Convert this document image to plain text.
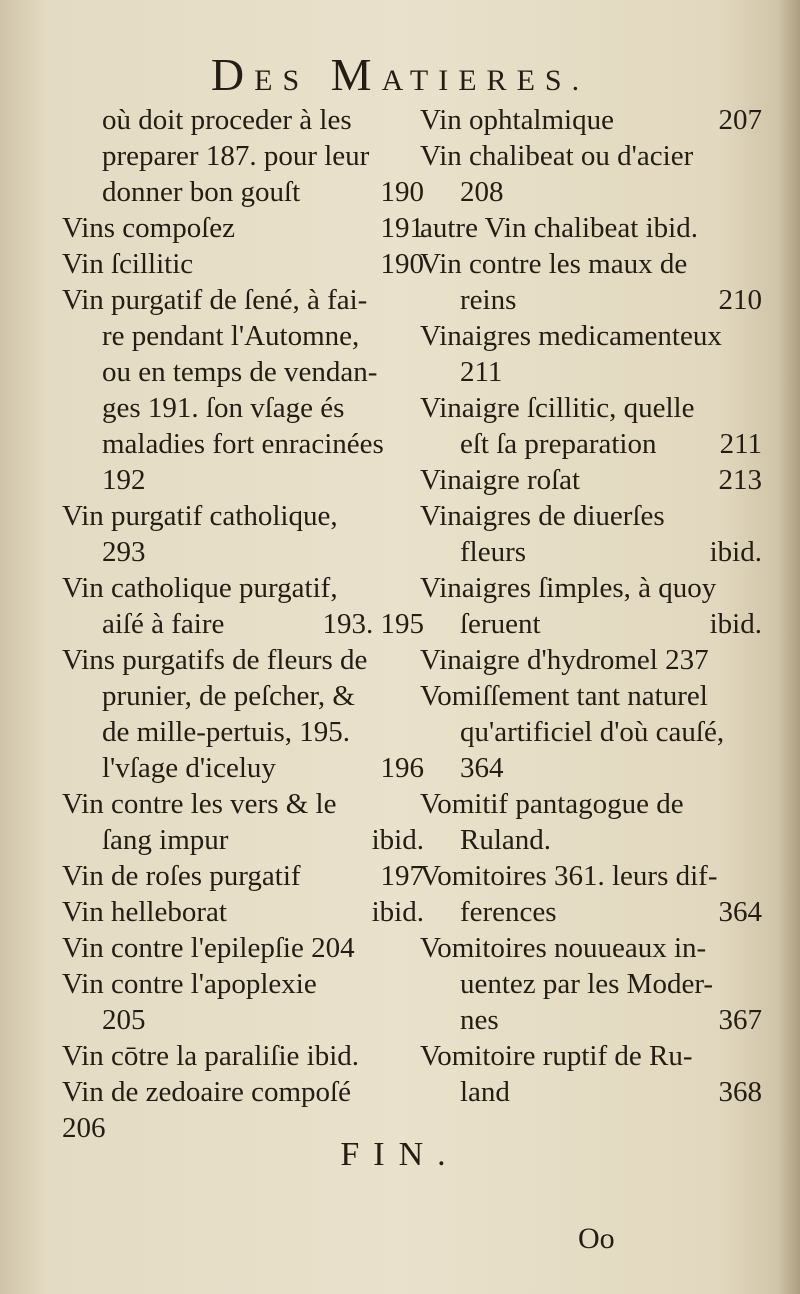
DES MATIERES.
où doit proceder à les
preparer 187. pour leur
donner bon gouſt	190
Vins compoſez	191
Vin ſcillitic	190
Vin purgatif de ſené, à fai-
re pendant l'Automne,
ou en temps de vendan-
ges 191. ſon vſage és
maladies fort enracinées
192
Vin purgatif catholique,
293
Vin catholique purgatif,
aiſé à faire	193. 195
Vins purgatifs de fleurs de
prunier, de peſcher, &
de mille-pertuis, 195.
l'vſage d'iceluy	196
Vin contre les vers & le
ſang impur	ibid.
Vin de roſes purgatif	197
Vin helleborat	ibid.
Vin contre l'epilepſie 204
Vin contre l'apoplexie
205
Vin cōtre la paraliſie ibid.
Vin de zedoaire compoſé
206
Vin ophtalmique	207
Vin chalibeat ou d'acier
208
autre Vin chalibeat ibid.
Vin contre les maux de
reins	210
Vinaigres medicamenteux
211
Vinaigre ſcillitic, quelle
eſt ſa preparation 211
Vinaigre roſat	213
Vinaigres de diuerſes
fleurs	ibid.
Vinaigres ſimples, à quoy
ſeruent	ibid.
Vinaigre d'hydromel 237
Vomiſſement tant naturel
qu'artificiel d'où cauſé,
364
Vomitif pantagogue de
Ruland.
Vomitoires 361. leurs dif-
ferences	364
Vomitoires nouueaux in-
uentez par les Moder-
nes	367
Vomitoire ruptif de Ru-
land	368
FIN.
Oo
